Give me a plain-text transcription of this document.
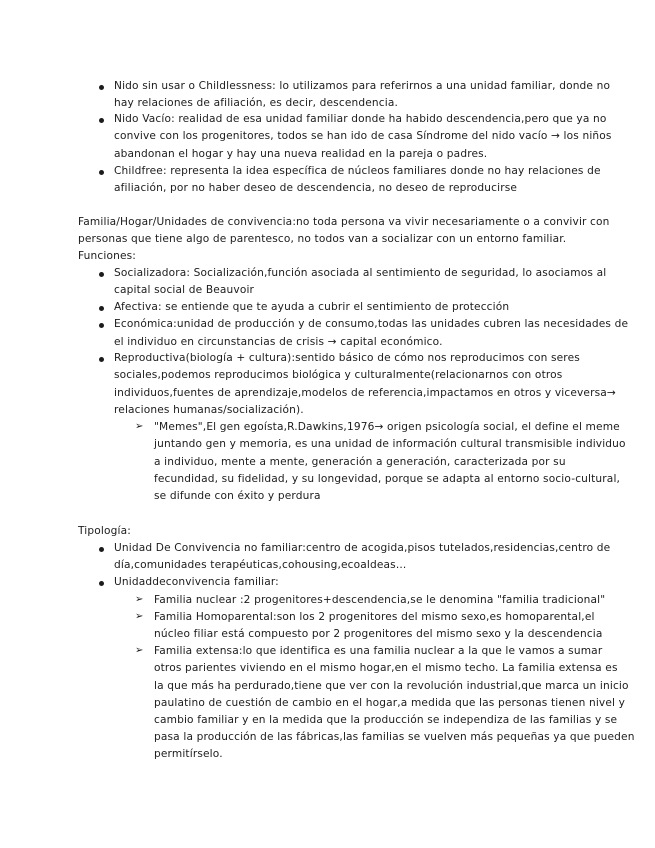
Nido sin usar o Childlessness: lo utilizamos para referirnos a una unidad familiar, donde no
hay relaciones de afiliación, es decir, descendencia.
Nido Vacío: realidad de esa unidad familiar donde ha habido descendencia,pero que ya no
convive con los progenitores, todos se han ido de casa Síndrome del nido vacío → los niños
abandonan el hogar y hay una nueva realidad en la pareja o padres.
Childfree: representa la idea específica de núcleos familiares donde no hay relaciones de
afiliación, por no haber deseo de descendencia, no deseo de reproducirse
Familia/Hogar/Unidades de convivencia:no toda persona va vivir necesariamente o a convivir con
personas que tiene algo de parentesco, no todos van a socializar con un entorno familiar.
Funciones:
Socializadora: Socialización,función asociada al sentimiento de seguridad, lo asociamos al
capital social de Beauvoir
Afectiva: se entiende que te ayuda a cubrir el sentimiento de protección
Económica:unidad de producción y de consumo,todas las unidades cubren las necesidades de
el individuo en circunstancias de crisis → capital económico.
Reproductiva(biología + cultura):sentido básico de cómo nos reproducimos con seres
sociales,podemos reproducimos biológica y culturalmente(relacionarnos con otros
individuos,fuentes de aprendizaje,modelos de referencia,impactamos en otros y viceversa→
relaciones humanas/socialización).
➢ "Memes",El gen egoísta,R.Dawkins,1976→ origen psicología social, el define el meme
juntando gen y memoria, es una unidad de información cultural transmisible individuo
a individuo, mente a mente, generación a generación, caracterizada por su
fecundidad, su fidelidad, y su longevidad, porque se adapta al entorno socio-cultural,
se difunde con éxito y perdura
Tipología:
Unidad De Convivencia no familiar:centro de acogida,pisos tutelados,residencias,centro de
día,comunidades terapéuticas,cohousing,ecoaldeas...
Unidaddeconvivencia familiar:
➢ Familia nuclear :2 progenitores+descendencia,se le denomina "familia tradicional"
➢ Familia Homoparental:son los 2 progenitores del mismo sexo,es homoparental,el
núcleo filiar está compuesto por 2 progenitores del mismo sexo y la descendencia
➢ Familia extensa:lo que identifica es una familia nuclear a la que le vamos a sumar
otros parientes viviendo en el mismo hogar,en el mismo techo. La familia extensa es
la que más ha perdurado,tiene que ver con la revolución industrial,que marca un inicio
paulatino de cuestión de cambio en el hogar,a medida que las personas tienen nivel y
cambio familiar y en la medida que la producción se independiza de las familias y se
pasa la producción de las fábricas,las familias se vuelven más pequeñas ya que pueden
permitírselo.
